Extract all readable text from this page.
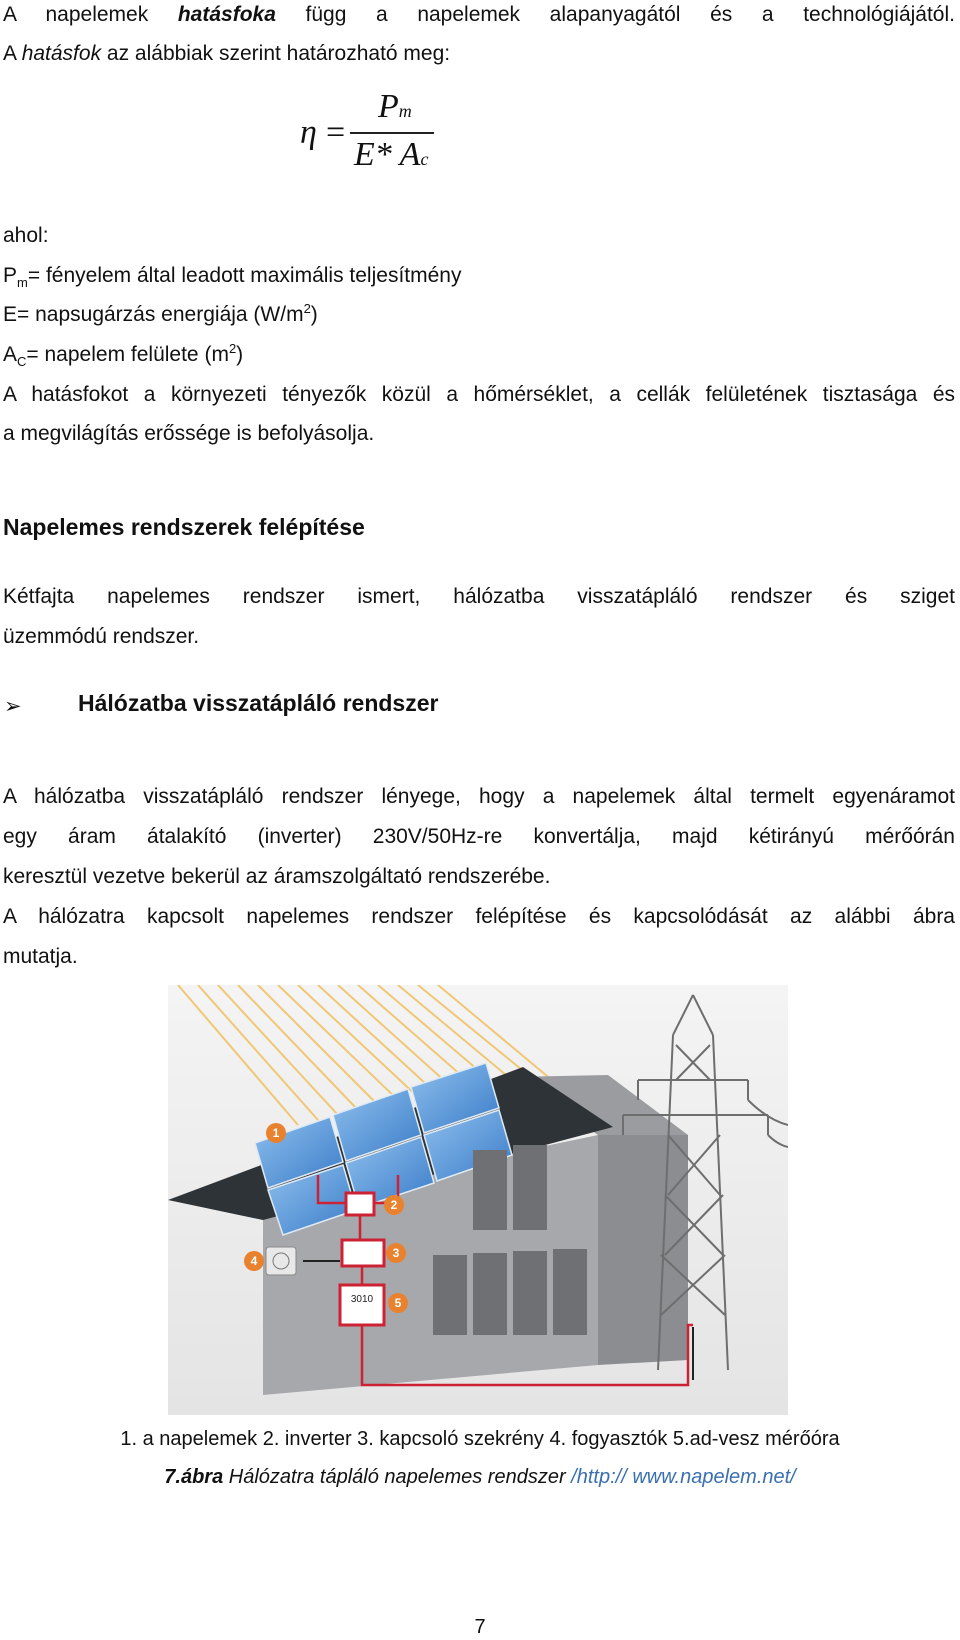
A napelemek hatásfoka függ a napelemek alapanyagától és a technológiájától.
A hatásfok az alábbiak szerint határozható meg:
η =
Pm
E* Ac
ahol:
$P_m=$ fényelem által leadott maximális teljesítmény
E= napsugárzás energiája $(W/m^2)$
$A_C=$ napelem felülete $(m^2)$
A hatásfokot a környezeti tényezők közül a hőmérséklet, a cellák felületének tisztasága és
a megvilágítás erőssége is befolyásolja.
Napelemes rendszerek felépítése
Kétfajta napelemes rendszer ismert, hálózatba visszatápláló rendszer és sziget
üzemmódú rendszer.
➢ Hálózatba visszatápláló rendszer
A hálózatba visszatápláló rendszer lényege, hogy a napelemek által termelt egyenáramot
egy áram átalakító (inverter) 230V/50Hz-re konvertálja, majd kétirányú mérőórán
keresztül vezetve bekerül az áramszolgáltató rendszerébe.
A hálózatra kapcsolt napelemes rendszer felépítése és kapcsolódását az alábbi ábra
mutatja.
3010
1
2
3
4
5
1. a napelemek 2. inverter 3. kapcsoló szekrény 4. fogyasztók 5.ad-vesz mérőóra
7.ábra Hálózatra tápláló napelemes rendszer /http:// www.napelem.net/
7
